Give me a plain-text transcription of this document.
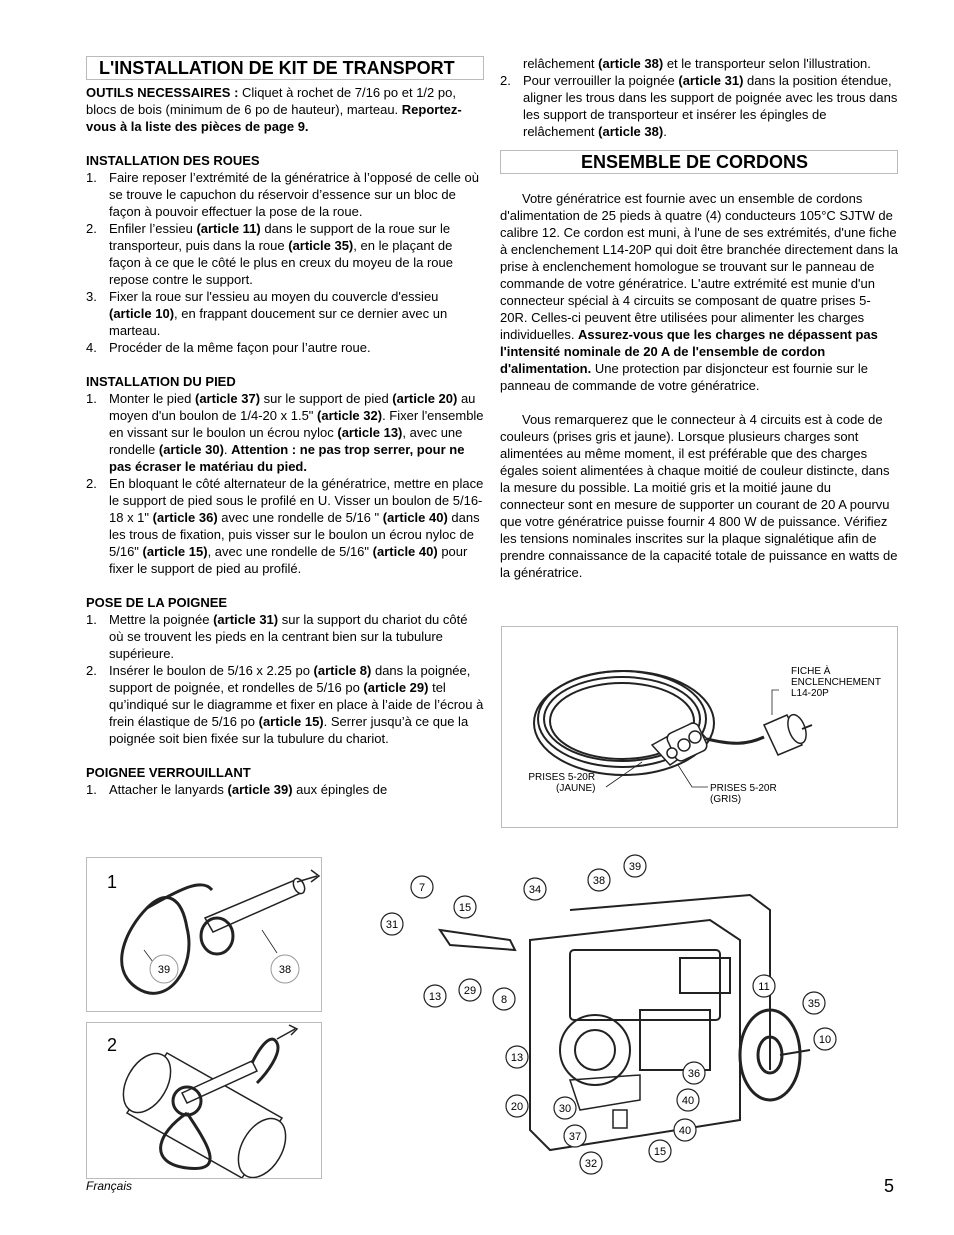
L'INSTALLATION DE KIT DE TRANSPORT

OUTILS NECESSAIRES : Cliquet à rochet de 7/16 po et 1/2 po, blocs de bois (minimum de 6 po de hauteur), marteau. Reportez-vous à la liste des pièces de page 9.

INSTALLATION DES ROUES

1. Faire reposer l’extrémité de la génératrice à l’opposé de celle où se trouve le capuchon du réservoir d’essence sur un bloc de façon à pouvoir effectuer la pose de la roue.
2. Enfiler l’essieu (article 11) dans le support de la roue sur le transporteur, puis dans la roue (article 35), en le plaçant de façon à ce que le côté le plus en creux du moyeu de la roue repose contre le support.
3. Fixer la roue sur l'essieu au moyen du couvercle d'essieu (article 10), en frappant doucement sur ce dernier avec un marteau.
4. Procéder de la même façon pour l’autre roue.

INSTALLATION DU PIED

1. Monter le pied (article 37) sur le support de pied (article 20) au moyen d'un boulon de 1/4-20 x 1.5" (article 32). Fixer l'ensemble en vissant sur le boulon un écrou nyloc (article 13), avec une rondelle (article 30). Attention : ne pas trop serrer, pour ne pas écraser le matériau du pied.
2. En bloquant le côté alternateur de la génératrice, mettre en place le support de pied sous le profilé en U. Visser un boulon de 5/16-18 x 1" (article 36) avec une rondelle de 5/16 " (article 40) dans les trous de fixation, puis visser sur le boulon un écrou nyloc de 5/16" (article 15), avec une rondelle de 5/16" (article 40) pour fixer le support de pied au profilé.

POSE DE LA POIGNEE

1. Mettre la poignée (article 31) sur la support du chariot du côté où se trouvent les pieds en la centrant bien sur la tubulure supérieure.
2. Insérer le boulon de 5/16 x 2.25 po (article 8) dans la poignée, support de poignée, et rondelles de 5/16 po (article 29) tel qu’indiqué sur le diagramme et fixer en place à l’aide de l’écrou à frein élastique de 5/16 po (article 15). Serrer jusqu’à ce que la poignée soit bien fixée sur la tubulure du chariot.

POIGNEE VERROUILLANT

1. Attacher le lanyards (article 39) aux épingles de

relâchement (article 38) et le transporteur selon l'illustration.

2. Pour verrouiller la poignée (article 31) dans la position étendue, aligner les trous dans les support de poignée avec les trous dans les support de transporteur et insérer les épingles de relâchement (article 38).
ENSEMBLE DE CORDONS

Votre génératrice est fournie avec un ensemble de cordons d'alimentation de 25 pieds à quatre (4) conducteurs 105°C SJTW de calibre 12. Ce cordon est muni, à l'une de ses extrémités, d'une fiche à enclenchement L14-20P qui doit être branchée directement dans la prise à enclenchement homologue se trouvant sur le panneau de commande de votre génératrice. L'autre extrémité est munie d'un connecteur spécial à 4 circuits se composant de quatre prises 5-20R. Celles-ci peuvent être utilisées pour alimenter les charges individuelles. Assurez-vous que les charges ne dépassent pas l'intensité nominale de 20 A de l'ensemble de cordon d'alimentation. Une protection par disjoncteur est fournie sur le panneau de commande de votre génératrice.

Vous remarquerez que le connecteur à 4 circuits est à code de couleurs (prises gris et jaune). Lorsque plusieurs charges sont alimentées au même moment, il est préférable que des charges égales soient alimentées à chaque moitié de couleur distincte, dans la mesure du possible. La moitié gris et la moitié jaune du connecteur sont en mesure de supporter un courant de 20 A pourvu que votre génératrice puisse fournir 4 800 W de puissance. Vérifiez les tensions nominales inscrites sur la plaque signalétique afin de prendre connaissance de la capacité totale de puissance en watts de la génératrice.

FICHE À
ENCLENCHEMENT
L14-20P
PRISES 5-20R
(JAUNE)	PRISES 5-20R
(GRIS)
1
39	38
2
7
15
34
38
39
31
13 29
8
11
35
10
13
36
20	30
40
37	40
15
32
Français	5
